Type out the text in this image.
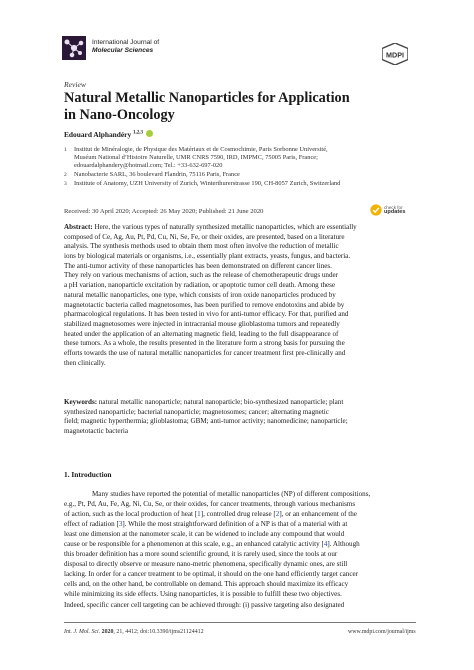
International Journal of
Molecular Sciences	MDPI
Review
Natural Metallic Nanoparticles for Application
in Nano-Oncology
Edouard Alphandéry $^{1,2,3}$
1 Institut de Minéralogie, de Physique des Matériaux et de Cosmochimie, Paris Sorbonne Université,
Muséum National d’Histoire Naturelle, UMR CNRS 7590, IRD, IMPMC, 75005 Paris, France;
edouardalphandery@hotmail.com; Tel.: +33-632-697-020
2 Nanobacterie SARL, 36 boulevard Flandrin, 75116 Paris, France
3 Institute of Anatomy, UZH University of Zurich, Winterthurerstrasse 190, CH-8057 Zurich, Switzerland
Received: 30 April 2020; Accepted: 26 May 2020; Published: 21 June 2020
check for
updates
Abstract: Here, the various types of naturally synthesized metallic nanoparticles, which are essentially
composed of Ce, Ag, Au, Pt, Pd, Cu, Ni, Se, Fe, or their oxides, are presented, based on a literature
analysis. The synthesis methods used to obtain them most often involve the reduction of metallic
ions by biological materials or organisms, i.e., essentially plant extracts, yeasts, fungus, and bacteria.
The anti-tumor activity of these nanoparticles has been demonstrated on different cancer lines.
They rely on various mechanisms of action, such as the release of chemotherapeutic drugs under
a pH variation, nanoparticle excitation by radiation, or apoptotic tumor cell death. Among these
natural metallic nanoparticles, one type, which consists of iron oxide nanoparticles produced by
magnetotactic bacteria called magnetosomes, has been purified to remove endotoxins and abide by
pharmacological regulations. It has been tested in vivo for anti-tumor efficacy. For that, purified and
stabilized magnetosomes were injected in intracranial mouse glioblastoma tumors and repeatedly
heated under the application of an alternating magnetic field, leading to the full disappearance of
these tumors. As a whole, the results presented in the literature form a strong basis for pursuing the
efforts towards the use of natural metallic nanoparticles for cancer treatment first pre-clinically and
then clinically.
Keywords: natural metallic nanoparticle; natural nanoparticle; bio-synthesized nanoparticle; plant
synthesized nanoparticle; bacterial nanoparticle; magnetosomes; cancer; alternating magnetic
field; magnetic hyperthermia; glioblastoma; GBM; anti-tumor activity; nanomedicine; nanoparticle;
magnetotactic bacteria
1. Introduction
Many studies have reported the potential of metallic nanoparticles (NP) of different compositions,
e.g., Pt, Pd, Au, Fe, Ag, Ni, Cu, Se, or their oxides, for cancer treatments, through various mechanisms
of action, such as the local production of heat [1], controlled drug release [2], or an enhancement of the
effect of radiation [3]. While the most straightforward definition of a NP is that of a material with at
least one dimension at the nanometer scale, it can be widened to include any compound that would
cause or be responsible for a phenomenon at this scale, e.g., an enhanced catalytic activity [4]. Although
this broader definition has a more sound scientific ground, it is rarely used, since the tools at our
disposal to directly observe or measure nano-metric phenomena, specifically dynamic ones, are still
lacking. In order for a cancer treatment to be optimal, it should on the one hand efficiently target cancer
cells and, on the other hand, be controllable on demand. This approach should maximize its efficacy
while minimizing its side effects. Using nanoparticles, it is possible to fulfill these two objectives.
Indeed, specific cancer cell targeting can be achieved through: (i) passive targeting also designated
Int. J. Mol. Sci. 2020, 21, 4412; doi:10.3390/ijms21124412	www.mdpi.com/journal/ijms
